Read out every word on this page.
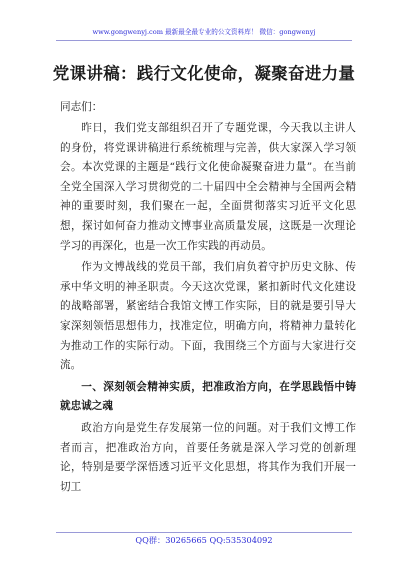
www.gongwenyj.com 最新最全最专业的公文资料库！ 微信：gongwenyj
党课讲稿：践行文化使命，凝聚奋进力量
同志们：

昨日，我们党支部组织召开了专题党课，今天我以主讲人的身份，将党课讲稿进行系统梳理与完善，供大家深入学习领会。本次党课的主题是“践行文化使命凝聚奋进力量”。在当前全党全国深入学习贯彻党的二十届四中全会精神与全国两会精神的重要时刻，我们聚在一起，全面贯彻落实习近平文化思想，探讨如何奋力推动文博事业高质量发展，这既是一次理论学习的再深化，也是一次工作实践的再动员。

作为文博战线的党员干部，我们肩负着守护历史文脉、传承中华文明的神圣职责。今天这次党课，紧扣新时代文化建设的战略部署，紧密结合我馆文博工作实际，目的就是要引导大家深刻领悟思想伟力，找准定位，明确方向，将精神力量转化为推动工作的实际行动。下面，我围绕三个方面与大家进行交流。

一、深刻领会精神实质，把准政治方向，在学思践悟中铸就忠诚之魂

政治方向是党生存发展第一位的问题。对于我们文博工作者而言，把准政治方向，首要任务就是深入学习党的创新理论，特别是要学深悟透习近平文化思想，将其作为我们开展一切工

QQ群：30265665 QQ:535304092
